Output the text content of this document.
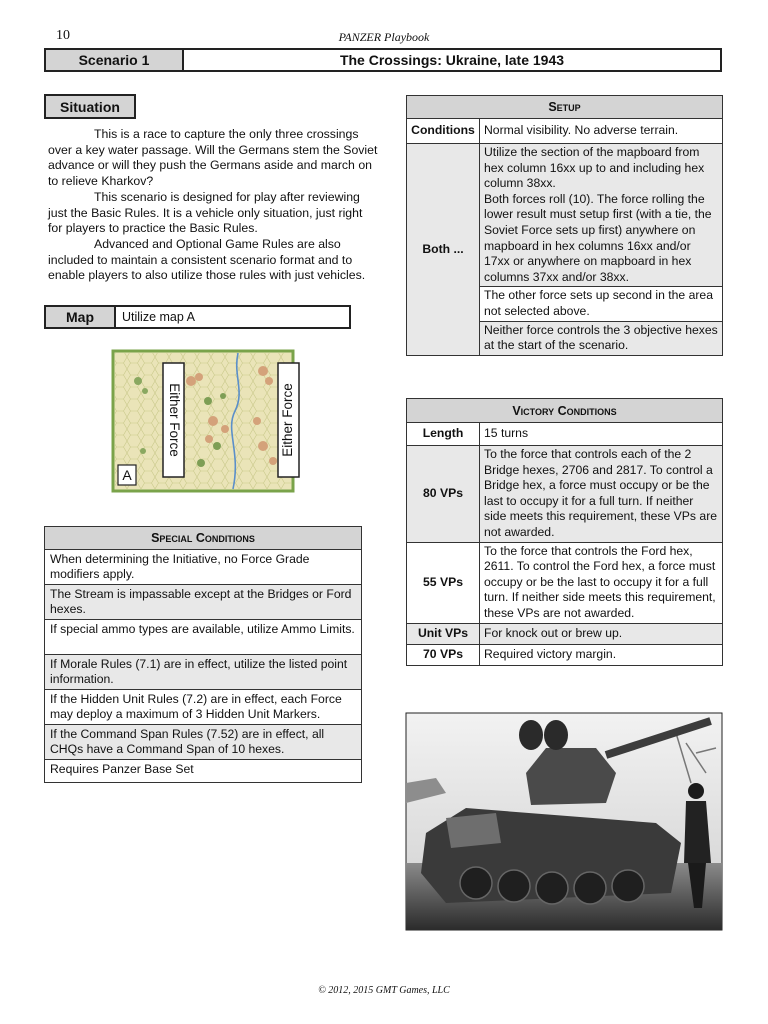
10	PANZER Playbook
Scenario 1	The Crossings: Ukraine, late 1943
Situation

This is a race to capture the only three crossings over a key water passage. Will the Germans stem the Soviet advance or will they push the Germans aside and march on to relieve Kharkov?

This scenario is designed for play after reviewing just the Basic Rules. It is a vehicle only situation, just right for players to practice the Basic Rules.

Advanced and Optional Game Rules are also included to maintain a consistent scenario format and to enable players to also utilize those rules with just vehicles.

Map	Utilize map A
Either Force	Either Force
A
Special Conditions
When determining the Initiative, no Force Grade modifiers apply.
The Stream is impassable except at the Bridges or Ford hexes.
If special ammo types are available, utilize Ammo Limits.
If Morale Rules (7.1) are in effect, utilize the listed point information.
If the Hidden Unit Rules (7.2) are in effect, each Force may deploy a maximum of 3 Hidden Unit Markers.
If the Command Span Rules (7.52) are in effect, all CHQs have a Command Span of 10 hexes.
Requires Panzer Base Set
Setup	
Conditions	Normal visibility. No adverse terrain.
Both ...	Utilize the section of the mapboard from hex column 16xx up to and including hex column 38xx.
Both forces roll (10). The force rolling the lower result must setup first (with a tie, the Soviet Force sets up first) anywhere on mapboard in hex columns 16xx and/or 17xx or anywhere on mapboard in hex columns 37xx and/or 38xx.

	The other force sets up second in the area not selected above.
	Neither force controls the 3 objective hexes at the start of the scenario.
Victory Conditions	
Length	15 turns
80 VPs	To the force that controls each of the 2 Bridge hexes, 2706 and 2817. To control a Bridge hex, a force must occupy or be the last to occupy it for a full turn. If neither side meets this requirement, these VPs are not awarded.
55 VPs	To the force that controls the Ford hex, 2611. To control the Ford hex, a force must occupy or be the last to occupy it for a full turn. If neither side meets this requirement, these VPs are not awarded.
Unit VPs	For knock out or brew up.
70 VPs	Required victory margin.
© 2012, 2015 GMT Games, LLC
